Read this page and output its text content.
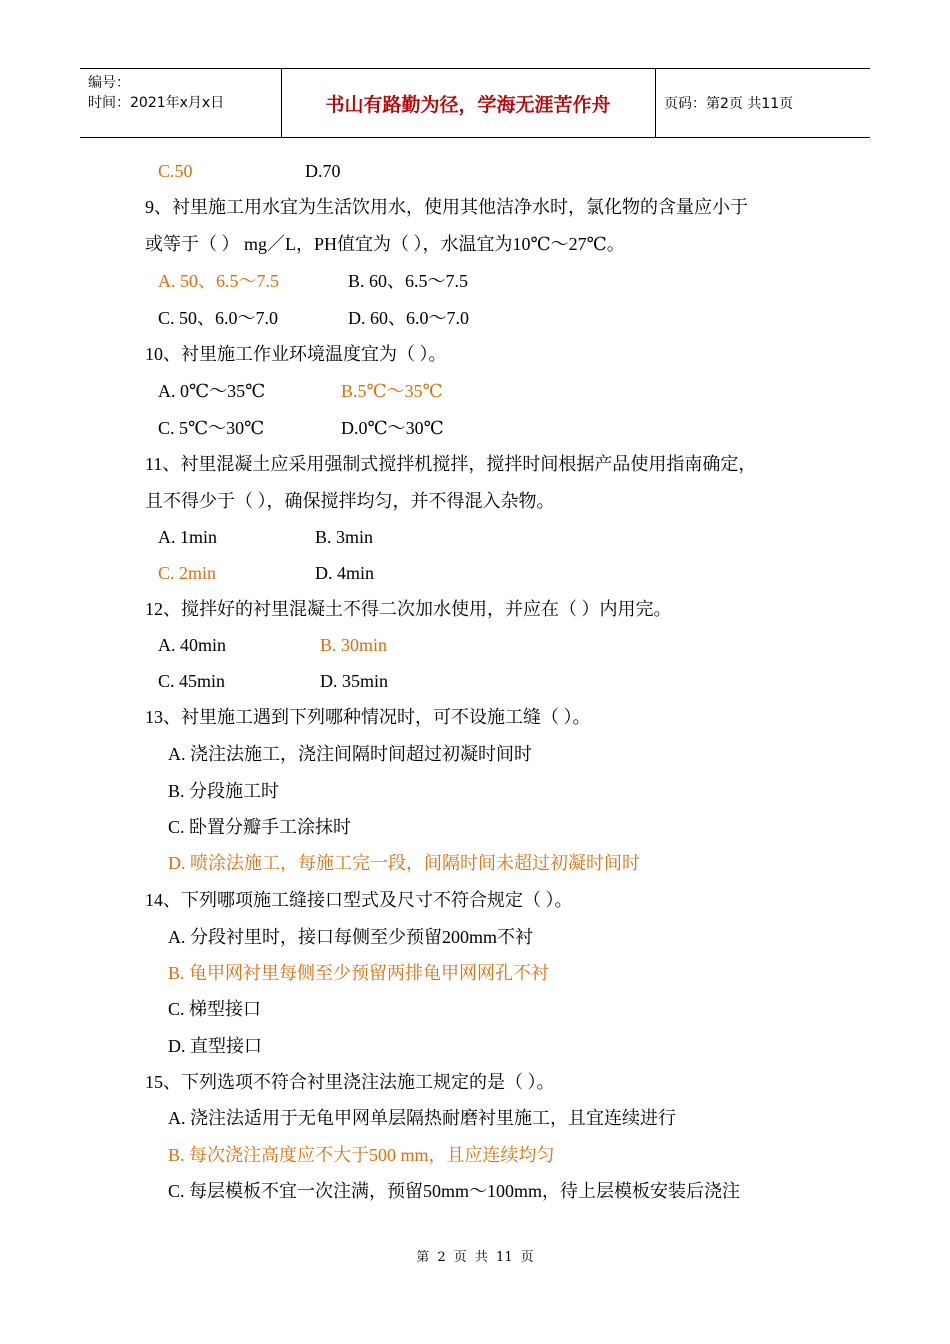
编号：
时间：2021年x月x日	书山有路勤为径，学海无涯苦作舟	页码：第2页 共11页
C.50	D.70
9、衬里施工用水宜为生活饮用水，使用其他洁净水时，氯化物的含量应小于
或等于（ ） mg／L，PH值宜为（ ），水温宜为10℃～27℃。
A. 50、6.5～7.5	B. 60、6.5～7.5
C. 50、6.0～7.0	D. 60、6.0～7.0
10、衬里施工作业环境温度宜为（ ）。
A. 0℃～35℃	B.5℃～35℃
C. 5℃～30℃	D.0℃～30℃
11、衬里混凝土应采用强制式搅拌机搅拌，搅拌时间根据产品使用指南确定，
且不得少于（ ），确保搅拌均匀，并不得混入杂物。
A. 1min	B. 3min
C. 2min	D. 4min
12、搅拌好的衬里混凝土不得二次加水使用，并应在（ ）内用完。
A. 40min	B. 30min
C. 45min	D. 35min
13、衬里施工遇到下列哪种情况时，可不设施工缝（ ）。
A. 浇注法施工，浇注间隔时间超过初凝时间时
B. 分段施工时
C. 卧置分瓣手工涂抹时
D. 喷涂法施工，每施工完一段，间隔时间未超过初凝时间时
14、下列哪项施工缝接口型式及尺寸不符合规定（ ）。
A. 分段衬里时，接口每侧至少预留200mm不衬
B. 龟甲网衬里每侧至少预留两排龟甲网网孔不衬
C. 梯型接口
D. 直型接口
15、下列选项不符合衬里浇注法施工规定的是（ ）。
A. 浇注法适用于无龟甲网单层隔热耐磨衬里施工，且宜连续进行
B. 每次浇注高度应不大于500 mm，且应连续均匀
C. 每层模板不宜一次注满，预留50mm～100mm，待上层模板安装后浇注
第 2 页 共 11 页
